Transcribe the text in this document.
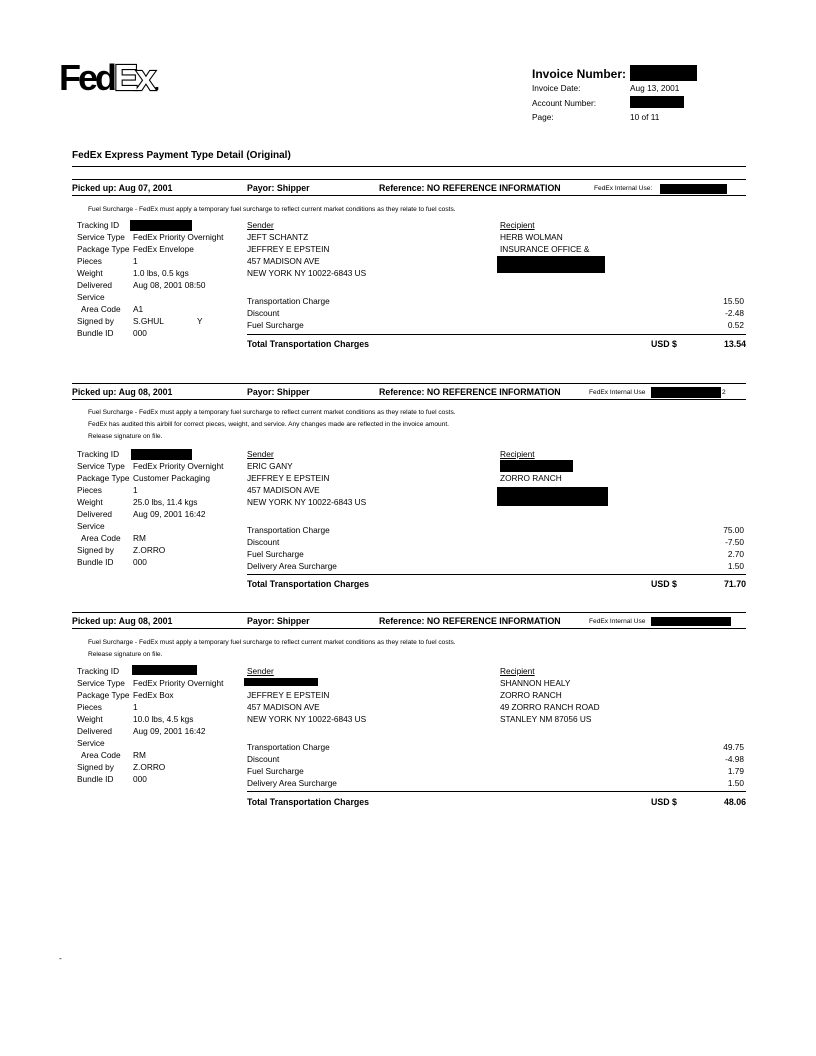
FedEx.	Invoice Number:
Invoice Date:	Aug 13, 2001
Account Number:
Page:	10 of 11
FedEx Express Payment Type Detail (Original)
Picked up: Aug 07, 2001	Payor: Shipper	Reference: NO REFERENCE INFORMATION	FedEx Internal Use:
Fuel Surcharge - FedEx must apply a temporary fuel surcharge to reflect current market conditions as they relate to fuel costs.
Tracking ID
Service Type FedEx Priority Overnight
Package Type FedEx Envelope
Pieces	1
Weight	1.0 lbs, 0.5 kgs
Delivered	Aug 08, 2001 08:50
Service
Area Code A1
Signed by S.GHUL	Y
Bundle ID 000
Sender
JEFT SCHANTZ
JEFFREY E EPSTEIN
457 MADISON AVE
NEW YORK NY 10022-6843 US
Recipient
HERB WOLMAN
INSURANCE OFFICE &
Transportation Charge	15.50
Discount	-2.48
Fuel Surcharge	0.52
Total Transportation Charges	USD $	13.54
Picked up: Aug 08, 2001	Payor: Shipper	Reference: NO REFERENCE INFORMATION	FedEx Internal Use	2
Fuel Surcharge - FedEx must apply a temporary fuel surcharge to reflect current market conditions as they relate to fuel costs.
FedEx has audited this airbill for correct pieces, weight, and service. Any changes made are reflected in the invoice amount.
Release signature on file.
Tracking ID
Service Type FedEx Priority Overnight
Package Type Customer Packaging
Pieces	1
Weight	25.0 lbs, 11.4 kgs
Delivered	Aug 09, 2001 16:42
Service
Area Code RM
Signed by Z.ORRO
Bundle ID 000
Sender
ERIC GANY
JEFFREY E EPSTEIN
457 MADISON AVE
NEW YORK NY 10022-6843 US
Recipient
ZORRO RANCH
Transportation Charge	75.00
Discount	-7.50
Fuel Surcharge	2.70
Delivery Area Surcharge	1.50
Total Transportation Charges	USD $	71.70
Picked up: Aug 08, 2001	Payor: Shipper	Reference: NO REFERENCE INFORMATION	FedEx Internal Use
Fuel Surcharge - FedEx must apply a temporary fuel surcharge to reflect current market conditions as they relate to fuel costs.
Release signature on file.
Tracking ID
Service Type FedEx Priority Overnight
Package Type FedEx Box
Pieces	1
Weight	10.0 lbs, 4.5 kgs
Delivered	Aug 09, 2001 16:42
Service
Area Code RM
Signed by Z.ORRO
Bundle ID 000
Sender
JEFFREY E EPSTEIN
457 MADISON AVE
NEW YORK NY 10022-6843 US
Recipient
SHANNON HEALY
ZORRO RANCH
49 ZORRO RANCH ROAD
STANLEY NM 87056 US
Transportation Charge	49.75
Discount	-4.98
Fuel Surcharge	1.79
Delivery Area Surcharge	1.50
Total Transportation Charges	USD $	48.06
-
